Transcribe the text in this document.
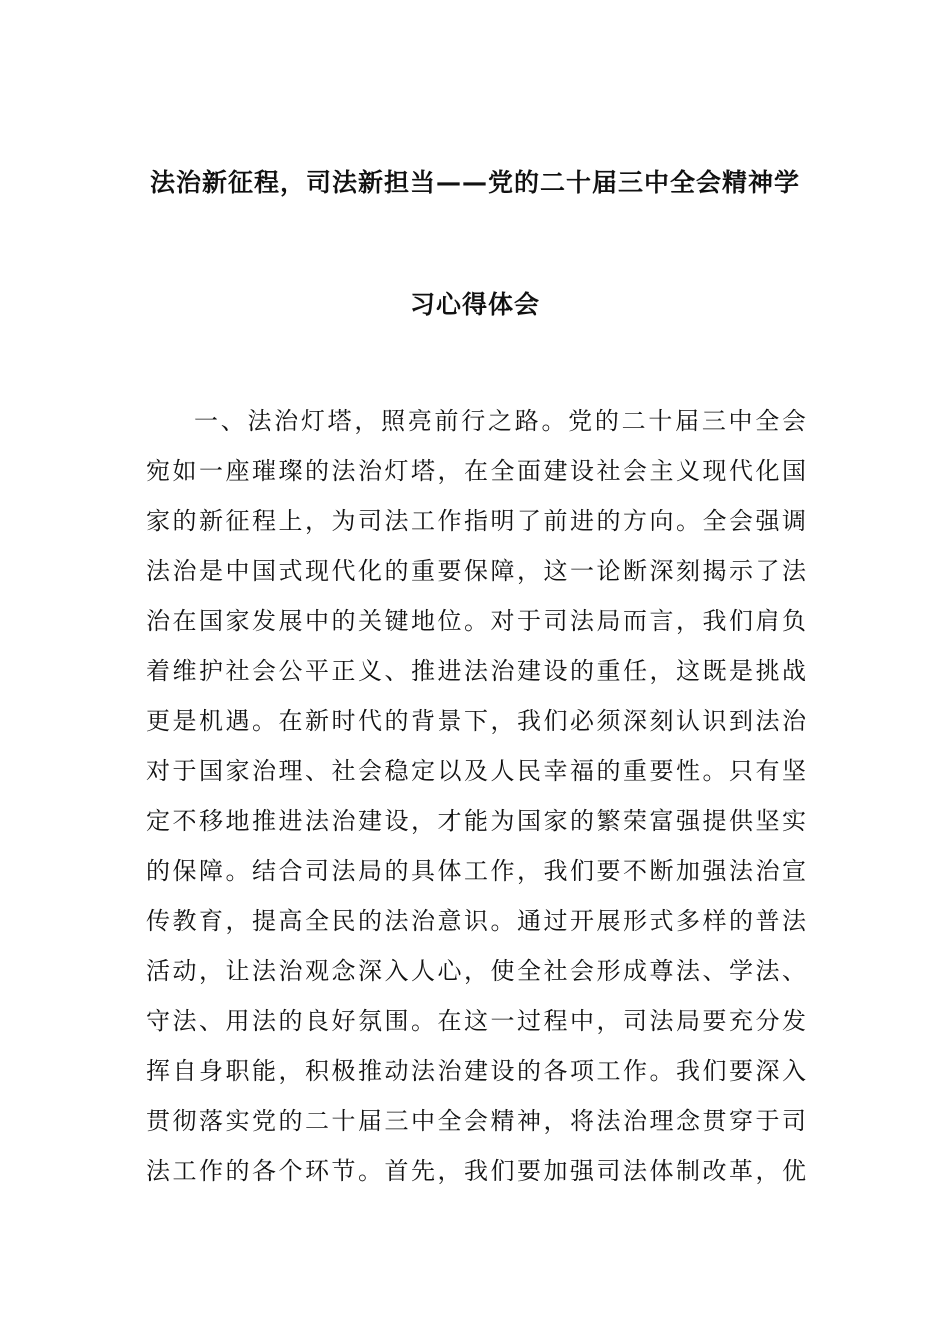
法治新征程，司法新担当——党的二十届三中全会精神学
习心得体会
一、法治灯塔，照亮前行之路。党的二十届三中全会
宛如一座璀璨的法治灯塔，在全面建设社会主义现代化国
家的新征程上，为司法工作指明了前进的方向。全会强调
法治是中国式现代化的重要保障，这一论断深刻揭示了法
治在国家发展中的关键地位。对于司法局而言，我们肩负
着维护社会公平正义、推进法治建设的重任，这既是挑战
更是机遇。在新时代的背景下，我们必须深刻认识到法治
对于国家治理、社会稳定以及人民幸福的重要性。只有坚
定不移地推进法治建设，才能为国家的繁荣富强提供坚实
的保障。结合司法局的具体工作，我们要不断加强法治宣
传教育，提高全民的法治意识。通过开展形式多样的普法
活动，让法治观念深入人心，使全社会形成尊法、学法、
守法、用法的良好氛围。在这一过程中，司法局要充分发
挥自身职能，积极推动法治建设的各项工作。我们要深入
贯彻落实党的二十届三中全会精神，将法治理念贯穿于司
法工作的各个环节。首先，我们要加强司法体制改革，优
